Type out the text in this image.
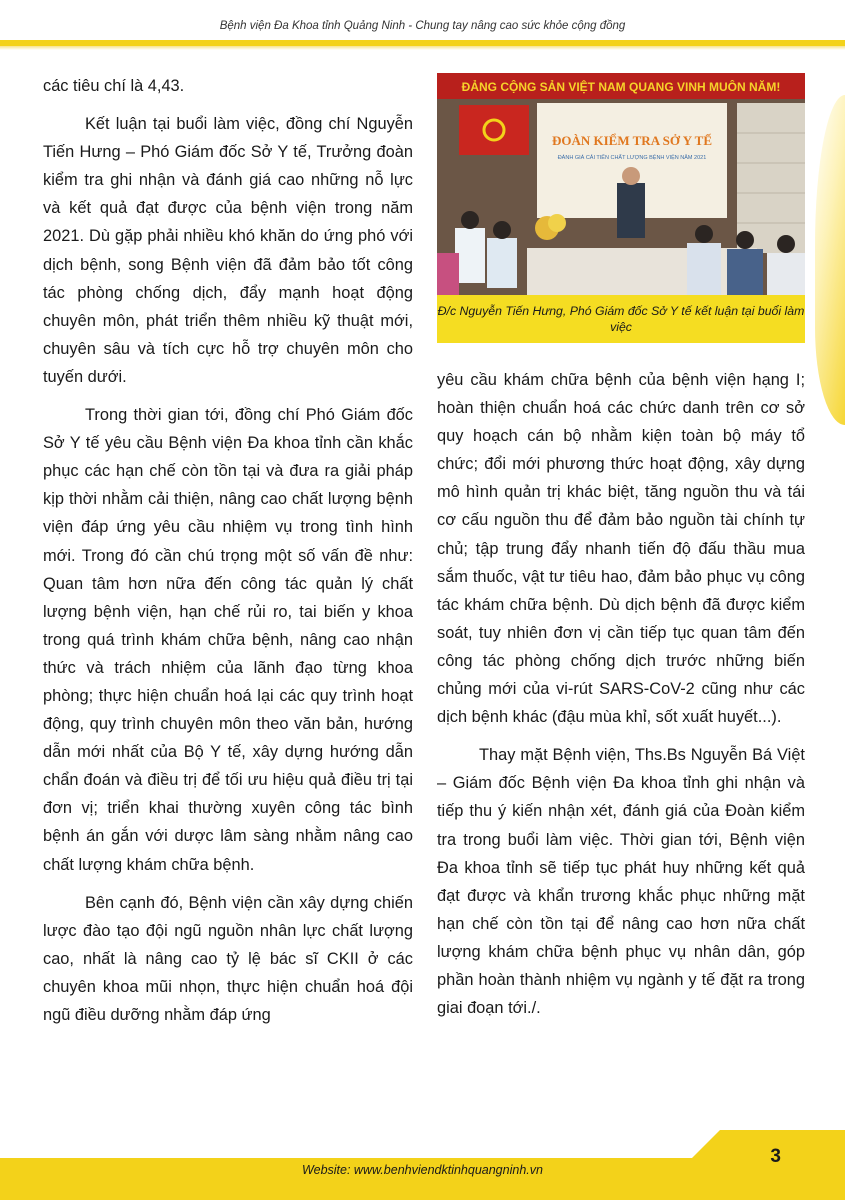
Bệnh viện Đa Khoa tỉnh Quảng Ninh - Chung tay nâng cao sức khỏe cộng đồng

các tiêu chí là 4,43.

Kết luận tại buổi làm việc, đồng chí Nguyễn Tiến Hưng – Phó Giám đốc Sở Y tế, Trưởng đoàn kiểm tra ghi nhận và đánh giá cao những nỗ lực và kết quả đạt được của bệnh viện trong năm 2021. Dù gặp phải nhiều khó khăn do ứng phó với dịch bệnh, song Bệnh viện đã đảm bảo tốt công tác phòng chống dịch, đẩy mạnh hoạt động chuyên môn, phát triển thêm nhiều kỹ thuật mới, chuyên sâu và tích cực hỗ trợ chuyên môn cho tuyến dưới.

Trong thời gian tới, đồng chí Phó Giám đốc Sở Y tế yêu cầu Bệnh viện Đa khoa tỉnh cần khắc phục các hạn chế còn tồn tại và đưa ra giải pháp kịp thời nhằm cải thiện, nâng cao chất lượng bệnh viện đáp ứng yêu cầu nhiệm vụ trong tình hình mới. Trong đó cần chú trọng một số vấn đề như: Quan tâm hơn nữa đến công tác quản lý chất lượng bệnh viện, hạn chế rủi ro, tai biến y khoa trong quá trình khám chữa bệnh, nâng cao nhận thức và trách nhiệm của lãnh đạo từng khoa phòng; thực hiện chuẩn hoá lại các quy trình hoạt động, quy trình chuyên môn theo văn bản, hướng dẫn mới nhất của Bộ Y tế, xây dựng hướng dẫn chẩn đoán và điều trị để tối ưu hiệu quả điều trị tại đơn vị; triển khai thường xuyên công tác bình bệnh án gắn với dược lâm sàng nhằm nâng cao chất lượng khám chữa bệnh.

Bên cạnh đó, Bệnh viện cần xây dựng chiến lược đào tạo đội ngũ nguồn nhân lực chất lượng cao, nhất là nâng cao tỷ lệ bác sĩ CKII ở các chuyên khoa mũi nhọn, thực hiện chuẩn hoá đội ngũ điều dưỡng nhằm đáp ứng

ĐẢNG CỘNG SẢN VIỆT NAM QUANG VINH MUÔN NĂM!
ĐOÀN KIỂM TRA SỞ Y TẾ
ĐÁNH GIÁ CẢI TIẾN CHẤT LƯỢNG BỆNH VIỆN NĂM 2021
Đ/c Nguyễn Tiến Hưng, Phó Giám đốc Sở Y tế kết luận tại buổi làm việc

yêu cầu khám chữa bệnh của bệnh viện hạng I; hoàn thiện chuẩn hoá các chức danh trên cơ sở quy hoạch cán bộ nhằm kiện toàn bộ máy tổ chức; đổi mới phương thức hoạt động, xây dựng mô hình quản trị khác biệt, tăng nguồn thu và tái cơ cấu nguồn thu để đảm bảo nguồn tài chính tự chủ; tập trung đẩy nhanh tiến độ đấu thầu mua sắm thuốc, vật tư tiêu hao, đảm bảo phục vụ công tác khám chữa bệnh. Dù dịch bệnh đã được kiểm soát, tuy nhiên đơn vị cần tiếp tục quan tâm đến công tác phòng chống dịch trước những biến chủng mới của vi-rút SARS-CoV-2 cũng như các dịch bệnh khác (đậu mùa khỉ, sốt xuất huyết...).

Thay mặt Bệnh viện, Ths.Bs Nguyễn Bá Việt – Giám đốc Bệnh viện Đa khoa tỉnh ghi nhận và tiếp thu ý kiến nhận xét, đánh giá của Đoàn kiểm tra trong buổi làm việc. Thời gian tới, Bệnh viện Đa khoa tỉnh sẽ tiếp tục phát huy những kết quả đạt được và khẩn trương khắc phục những mặt hạn chế còn tồn tại để nâng cao hơn nữa chất lượng khám chữa bệnh phục vụ nhân dân, góp phần hoàn thành nhiệm vụ ngành y tế đặt ra trong giai đoạn tới./.

Website: www.benhviendktinhquangninh.vn
3
